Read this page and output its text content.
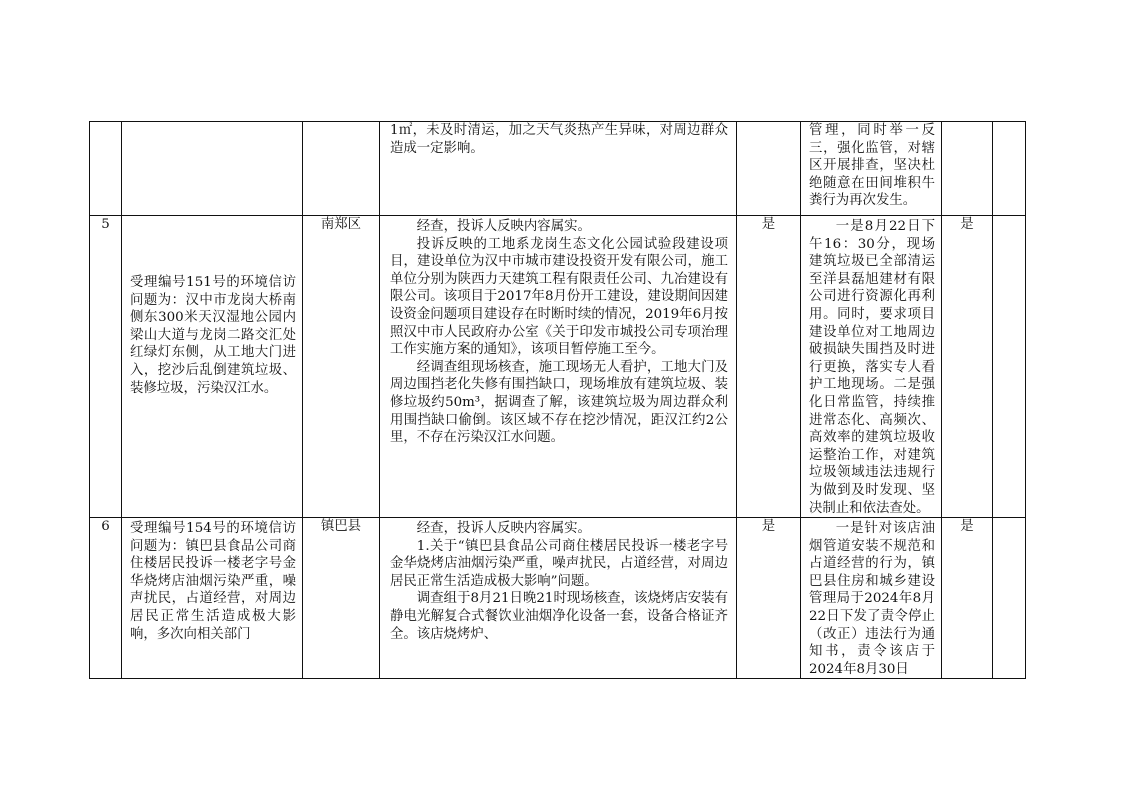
			1㎡，未及时清运，加之天气炎热产生异味，对周边群众造成一定影响。		管理，同时举一反三，强化监管，对辖区开展排查，坚决杜绝随意在田间堆积牛粪行为再次发生。		

5	受理编号151号的环境信访问题为：汉中市龙岗大桥南侧东300米天汉湿地公园内梁山大道与龙岗二路交汇处红绿灯东侧，从工地大门进入，挖沙后乱倒建筑垃圾、装修垃圾，污染汉江水。	南郑区	经查，投诉人反映内容属实。

投诉反映的工地系龙岗生态文化公园试验段建设项目，建设单位为汉中市城市建设投资开发有限公司，施工单位分别为陕西力天建筑工程有限责任公司、九冶建设有限公司。该项目于2017年8月份开工建设，建设期间因建设资金问题项目建设存在时断时续的情况，2019年6月按照汉中市人民政府办公室《关于印发市城投公司专项治理工作实施方案的通知》，该项目暂停施工至今。

经调查组现场核查，施工现场无人看护，工地大门及周边围挡老化失修有围挡缺口，现场堆放有建筑垃圾、装修垃圾约50m³，据调查了解，该建筑垃圾为周边群众利用围挡缺口偷倒。该区域不存在挖沙情况，距汉江约2公里，不存在污染汉江水问题。	是	一是8月22日下午16：30分，现场建筑垃圾已全部清运至洋县磊旭建材有限公司进行资源化再利用。同时，要求项目建设单位对工地周边破损缺失围挡及时进行更换，落实专人看护工地现场。二是强化日常监管，持续推进常态化、高频次、高效率的建筑垃圾收运整治工作，对建筑垃圾领域违法违规行为做到及时发现、坚决制止和依法查处。	是	
6	受理编号154号的环境信访问题为：镇巴县食品公司商住楼居民投诉一楼老字号金华烧烤店油烟污染严重，噪声扰民，占道经营，对周边居民正常生活造成极大影响，多次向相关部门	镇巴县	经查，投诉人反映内容属实。

1.关于“镇巴县食品公司商住楼居民投诉一楼老字号金华烧烤店油烟污染严重，噪声扰民，占道经营，对周边居民正常生活造成极大影响”问题。

调查组于8月21日晚21时现场核查，该烧烤店安装有静电光解复合式餐饮业油烟净化设备一套，设备合格证齐全。该店烧烤炉、	是	一是针对该店油烟管道安装不规范和占道经营的行为，镇巴县住房和城乡建设管理局于2024年8月22日下发了责令停止（改正）违法行为通知书，责令该店于2024年8月30日	是	
